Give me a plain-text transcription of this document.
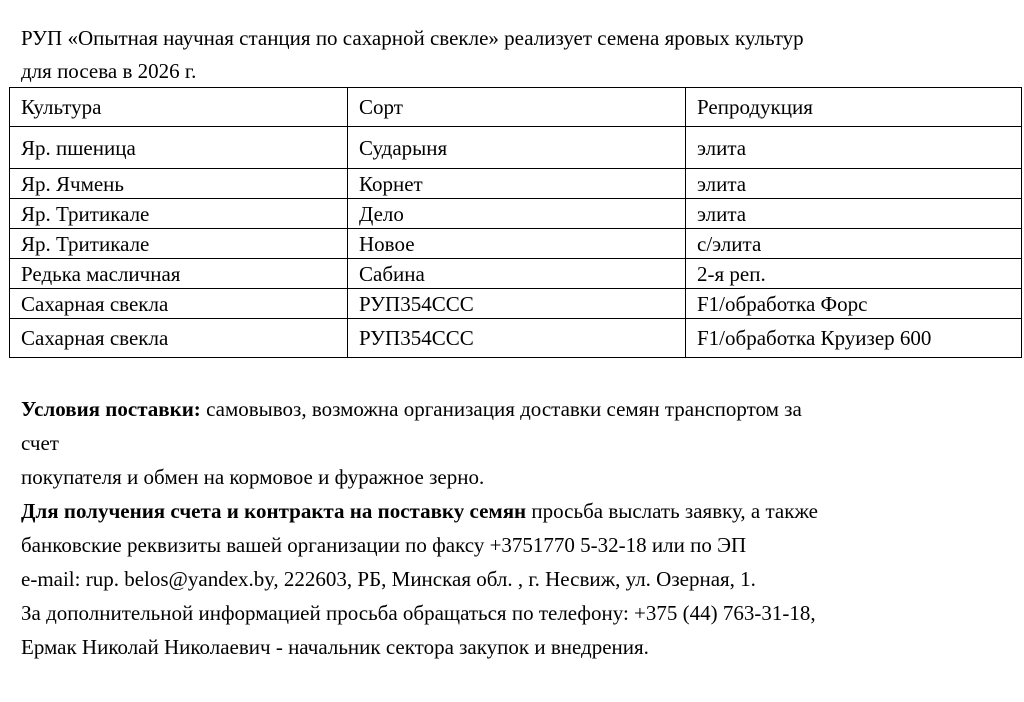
РУП «Опытная научная станция по сахарной свекле» реализует семена яровых культур
для посева в 2026 г.
Культура	Сорт	Репродукция
Яр. пшеница	Сударыня	элита
Яр. Ячмень	Корнет	элита
Яр. Тритикале	Дело	элита
Яр. Тритикале	Новое	с/элита
Редька масличная	Сабина	2-я реп.
Сахарная свекла	РУП354ССС	F1/обработка Форс
Сахарная свекла	РУП354ССС	F1/обработка Круизер 600

Условия поставки: самовывоз, возможна организация доставки семян транспортом за

счет

покупателя и обмен на кормовое и фуражное зерно.

Для получения счета и контракта на поставку семян просьба выслать заявку, а также

банковские реквизиты вашей организации по факсу +3751770 5-32-18 или по ЭП

e-mail: rup. belos@yandex.by, 222603, РБ, Минская обл. , г. Несвиж, ул. Озерная, 1.

За дополнительной информацией просьба обращаться по телефону: +375 (44) 763-31-18,

Ермак Николай Николаевич - начальник сектора закупок и внедрения.
